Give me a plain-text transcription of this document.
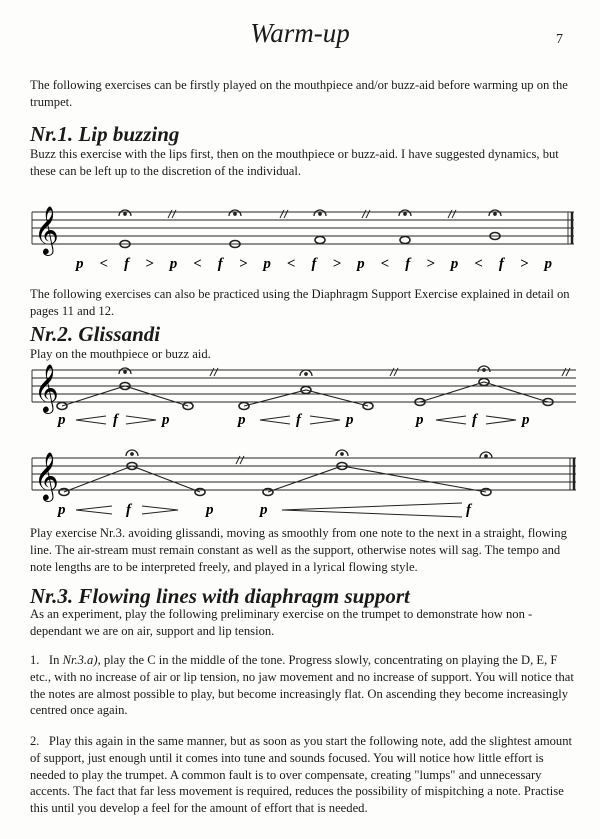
Warm-up	7

The following exercises can be firstly played on the mouthpiece and/or buzz-aid before warming up on the trumpet.

Nr.1. Lip buzzing

Buzz this exercise with the lips first, then on the mouthpiece or buzz-aid. I have suggested dynamics, but these can be left up to the discretion of the individual.

𝄞
p < f > p < f > p < f > p < f > p < f > p

The following exercises can also be practiced using the Diaphragm Support Exercise explained in detail on pages 11 and 12.

Nr.2. Glissandi

Play on the mouthpiece or buzz aid.

𝄞
p	f	p	p	f	p	p	f	p
𝄞
p	f	p	p	f

Play exercise Nr.3. avoiding glissandi, moving as smoothly from one note to the next in a straight, flowing line. The air-stream must remain constant as well as the support, otherwise notes will sag. The tempo and note lengths are to be interpreted freely, and played in a lyrical flowing style.

Nr.3. Flowing lines with diaphragm support

As an experiment, play the following preliminary exercise on the trumpet to demonstrate how non - dependant we are on air, support and lip tension.

1. In Nr.3.a), play the C in the middle of the tone. Progress slowly, concentrating on playing the D, E, F etc., with no increase of air or lip tension, no jaw movement and no increase of support. You will notice that the notes are almost possible to play, but become increasingly flat. On ascending they become increasingly centred once again.

2. Play this again in the same manner, but as soon as you start the following note, add the slightest amount of support, just enough until it comes into tune and sounds focused. You will notice how little effort is needed to play the trumpet. A common fault is to over compensate, creating "lumps" and unnecessary accents. The fact that far less movement is required, reduces the possibility of mispitching a note. Practise this until you develop a feel for the amount of effort that is needed.
